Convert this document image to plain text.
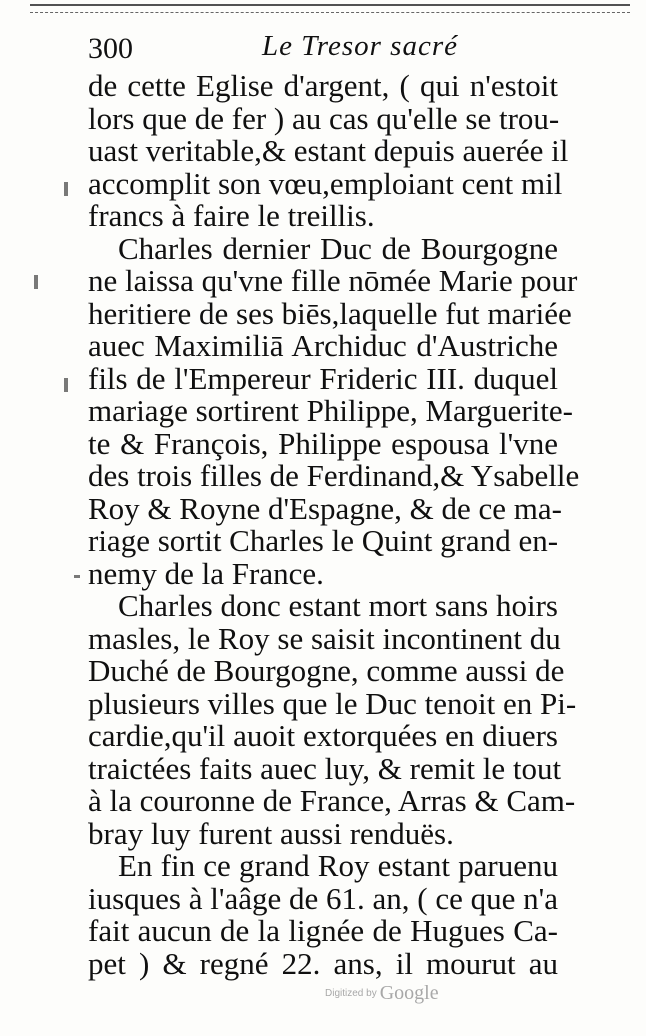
300	Le Tresor sacré
de cette Eglise d'argent, ( qui n'estoit
lors que de fer ) au cas qu'elle se trou-
uast veritable,& estant depuis auerée il
accomplit son vœu,emploiant cent mil
francs à faire le treillis.
Charles dernier Duc de Bourgogne
ne laissa qu'vne fille nōmée Marie pour
heritiere de ses biēs,laquelle fut mariée
auec Maximiliā Archiduc d'Austriche
fils de l'Empereur Frideric III. duquel
mariage sortirent Philippe, Marguerite-
te & François, Philippe espousa l'vne
des trois filles de Ferdinand,& Ysabelle
Roy & Royne d'Espagne, & de ce ma-
riage sortit Charles le Quint grand en-
nemy de la France.
Charles donc estant mort sans hoirs
masles, le Roy se saisit incontinent du
Duché de Bourgogne, comme aussi de
plusieurs villes que le Duc tenoit en Pi-
cardie,qu'il auoit extorquées en diuers
traictées faits auec luy, & remit le tout
à la couronne de France, Arras & Cam-
bray luy furent aussi renduës.
En fin ce grand Roy estant paruenu
iusques à l'aâge de 61. an, ( ce que n'a
fait aucun de la lignée de Hugues Ca-
pet ) & regné 22. ans, il mourut au
Digitized by Google
